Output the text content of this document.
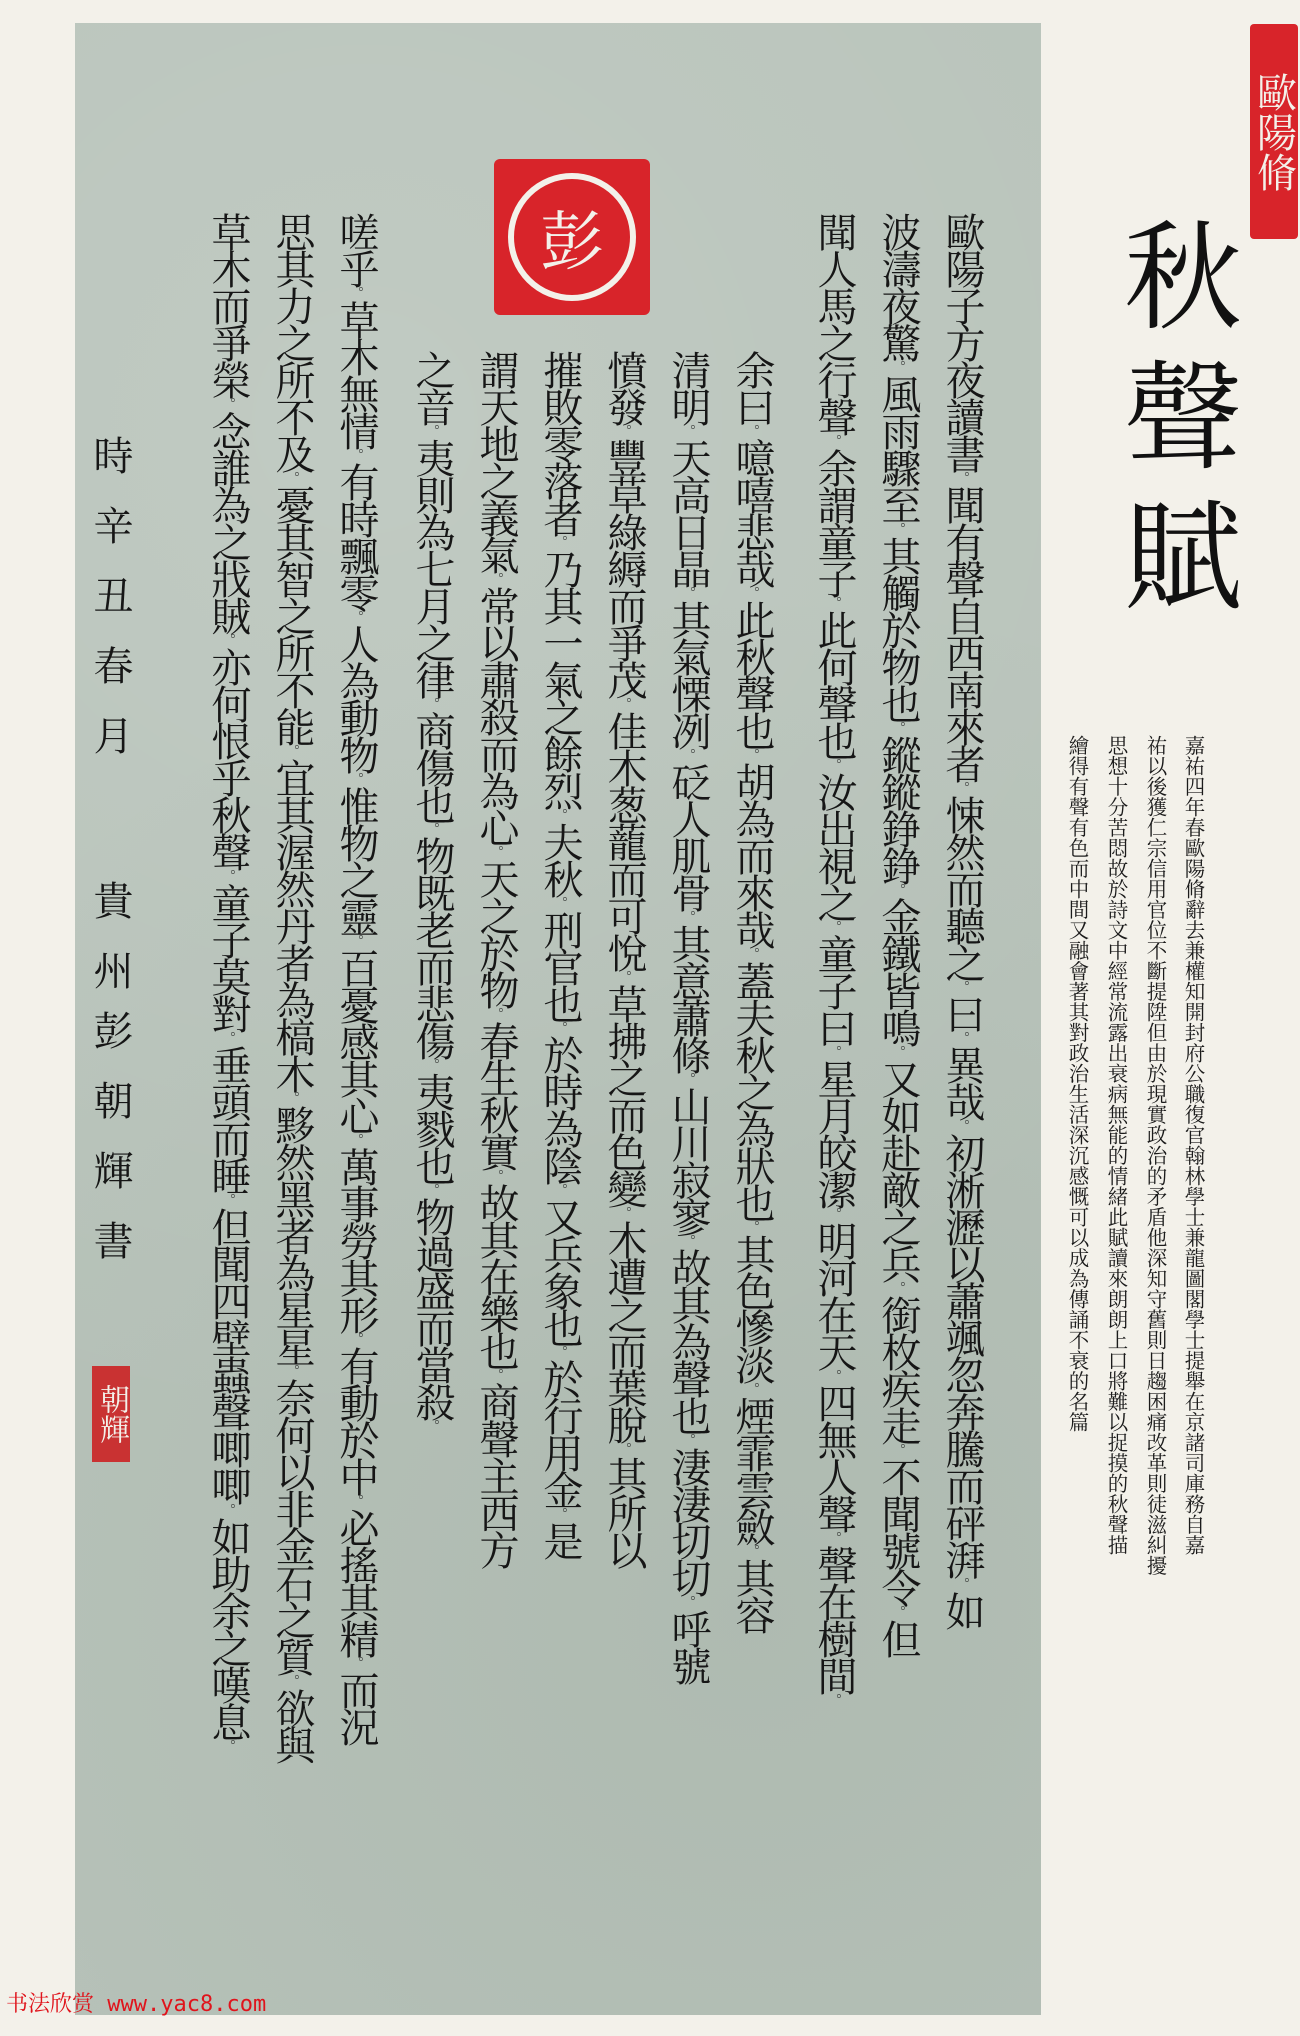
彭	歐陽子方夜讀書。聞有聲自西南來者。悚然而聽之。曰。異哉。初淅瀝以蕭颯忽奔騰而砰湃。如
波濤夜驚。風雨驟至。其觸於物也。鏦鏦錚錚。金鐵皆鳴。又如赴敵之兵。銜枚疾走。不聞號令。但
聞人馬之行聲。余謂童子。此何聲也。汝出視之。童子曰。星月皎潔。明河在天。四無人聲。聲在樹間。
余曰。噫嘻悲哉。此秋聲也。胡為而來哉。蓋夫秋之為狀也。其色慘淡。煙霏雲斂。其容
清明。天高日晶。其氣慄冽。砭人肌骨。其意蕭條。山川寂寥。故其為聲也。淒淒切切。呼號
憤發。豐草綠縟而爭茂。佳木葱蘢而可悅。草拂之而色變。木遭之而葉脫。其所以
摧敗零落者。乃其一氣之餘烈。夫秋。刑官也。於時為陰。又兵象也。於行用金。是
謂天地之義氣。常以肅殺而為心。天之於物。春生秋實。故其在樂也。商聲主西方
之音。夷則為七月之律。商傷也。物既老而悲傷。夷戮也。物過盛而當殺。
嗟乎。草木無情。有時飄零。人為動物。惟物之靈。百憂感其心。萬事勞其形。有動於中。必搖其精。而況
思其力之所不及。憂其智之所不能。宜其渥然丹者為槁木。黟然黑者為星星。奈何以非金石之質。欲與
草木而爭榮。念誰為之戕賊。亦何恨乎秋聲。童子莫對。垂頭而睡。但聞四壁蟲聲唧唧。如助余之嘆息。
時辛丑春月
貴州
彭朝輝書
朝輝
秋聲賦
歐陽脩
嘉祐四年春歐陽脩辭去兼權知開封府公職復官翰林學士兼龍圖閣學士提舉在京諸司庫務自嘉
祐以後獲仁宗信用官位不斷提陞但由於現實政治的矛盾他深知守舊則日趨困痛改革則徒滋糾擾
思想十分苦悶故於詩文中經常流露出衰病無能的情緒此賦讀來朗朗上口將難以捉摸的秋聲描
繪得有聲有色而中間又融會著其對政治生活深沉感慨可以成為傳誦不衰的名篇
书法欣赏 www.yac8.com
